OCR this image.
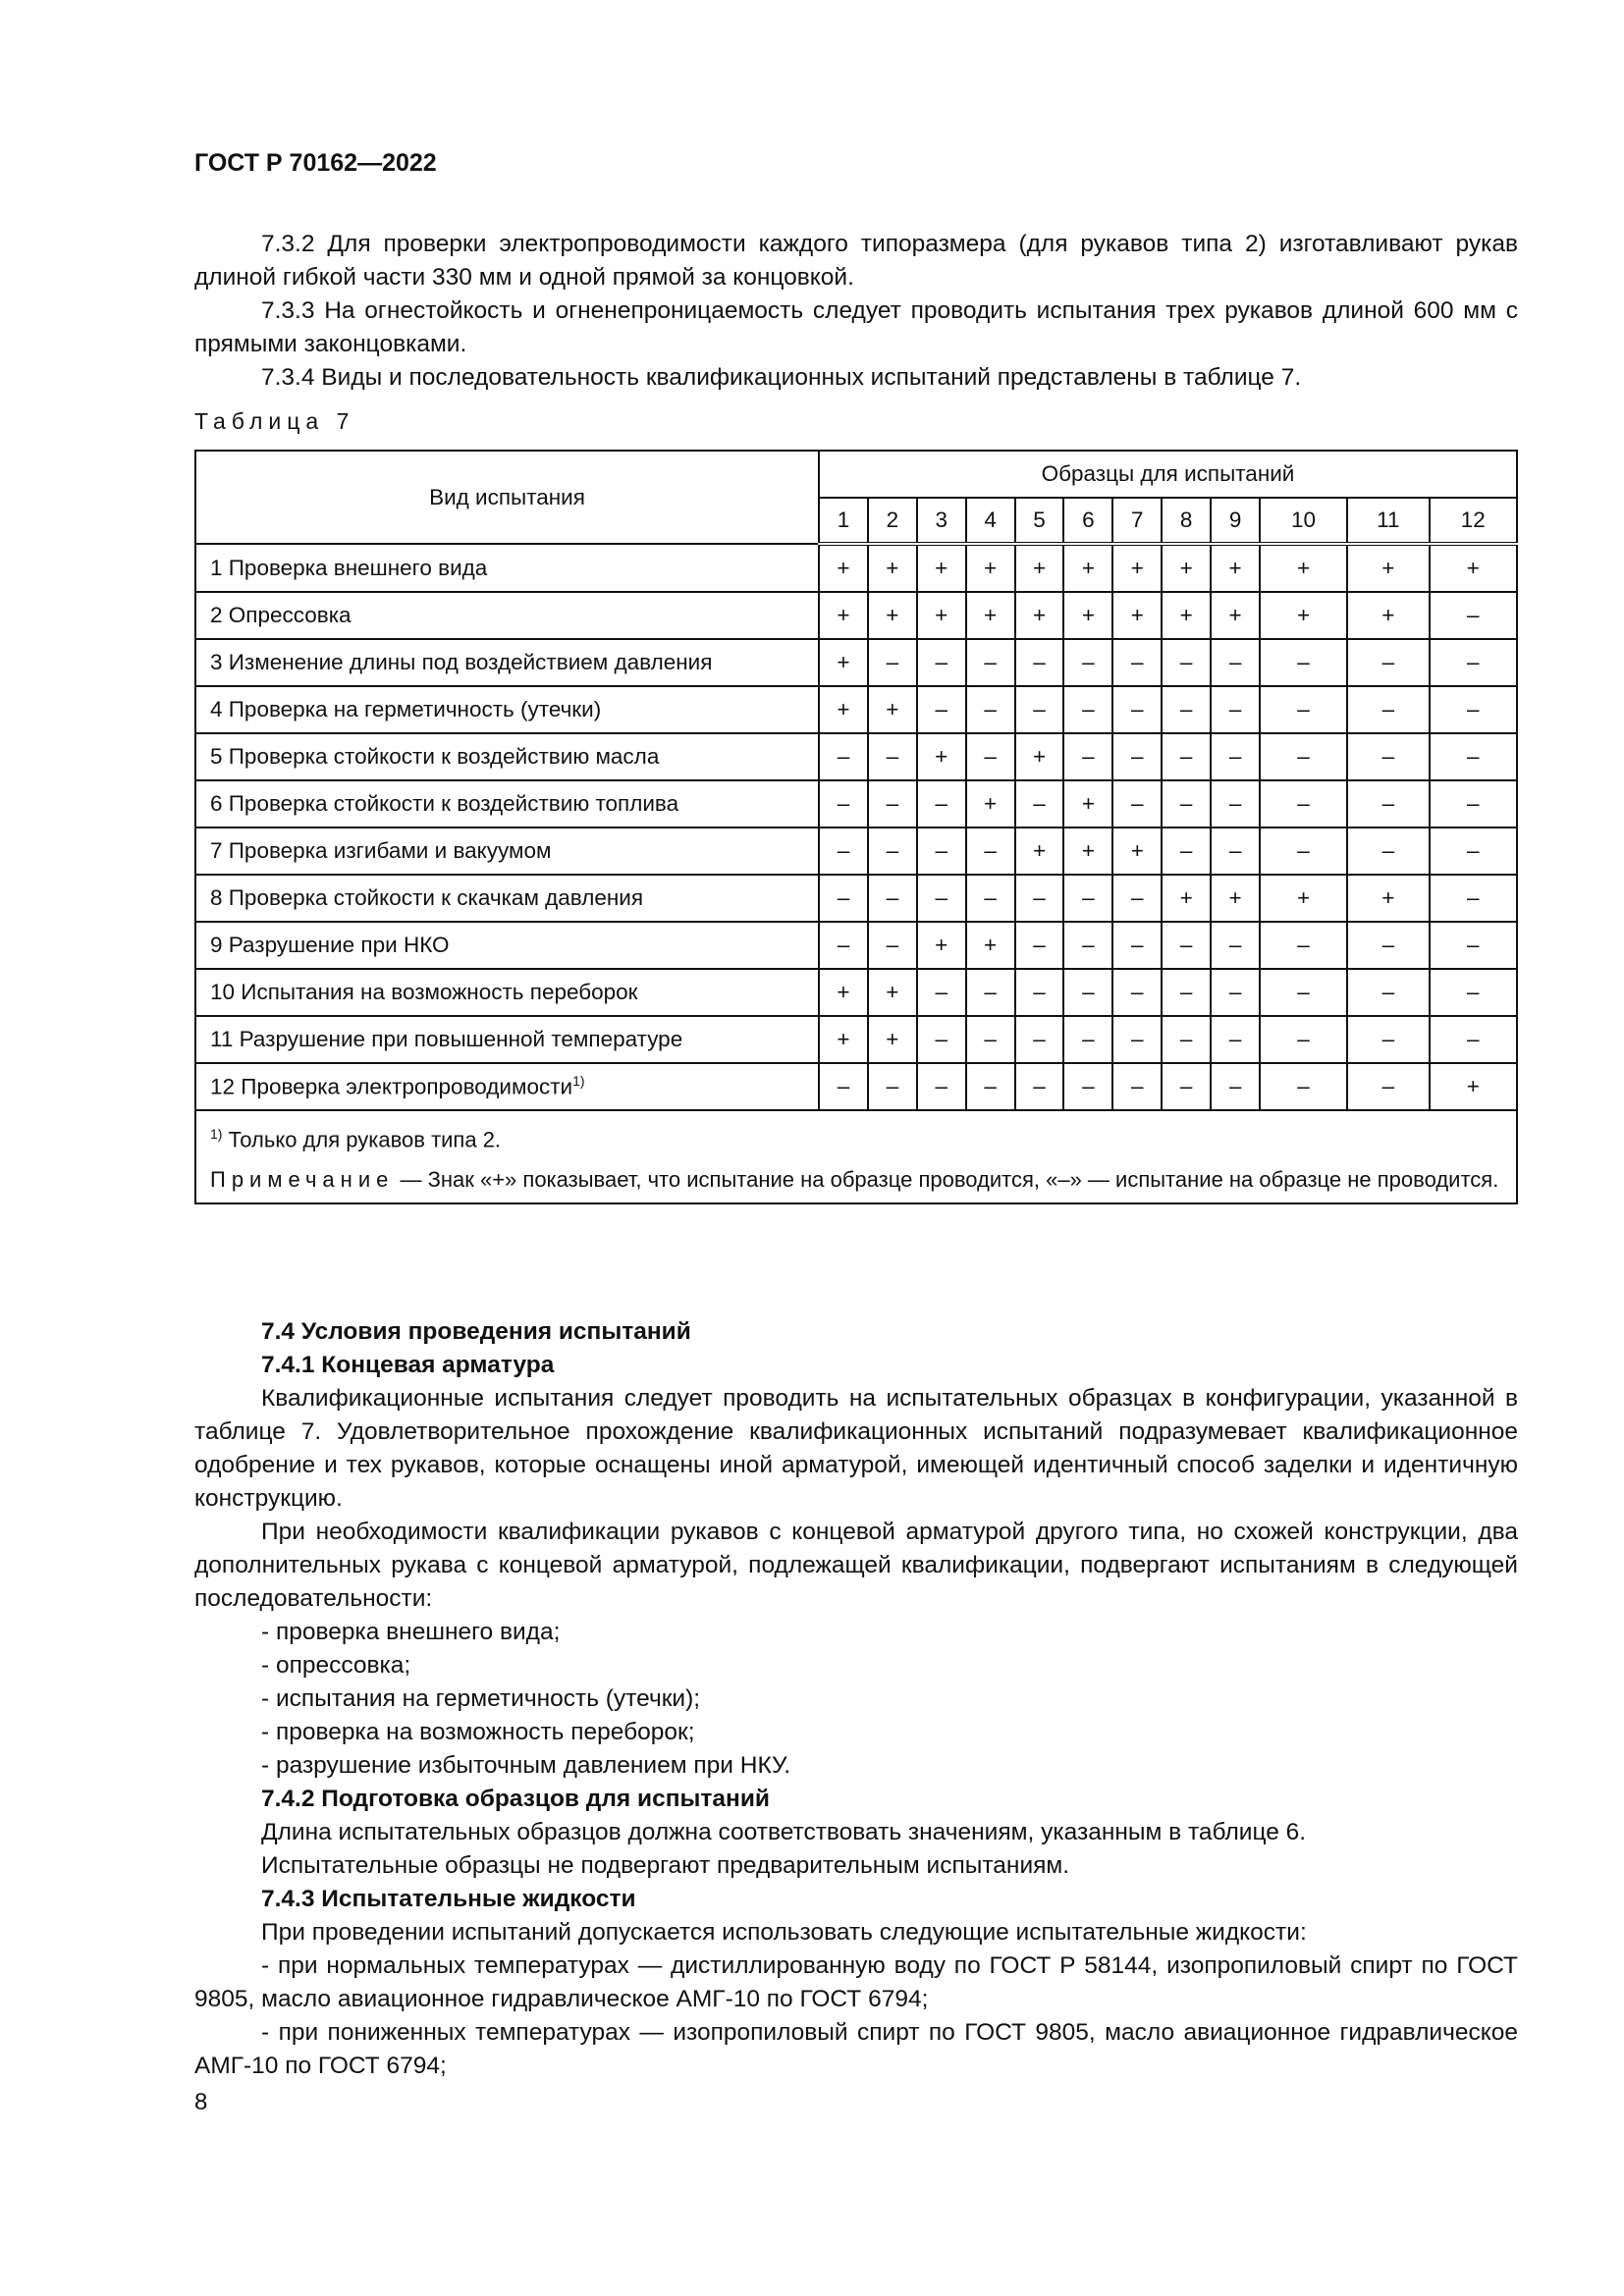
ГОСТ Р 70162—2022

7.3.2 Для проверки электропроводимости каждого типоразмера (для рукавов типа 2) изготавливают рукав длиной гибкой части 330 мм и одной прямой за концовкой.

7.3.3 На огнестойкость и огненепроницаемость следует проводить испытания трех рукавов длиной 600 мм с прямыми законцовками.

7.3.4 Виды и последовательность квалификационных испытаний представлены в таблице 7.

Таблица 7
Вид испытания	Образцы для испытаний											
	1	2	3	4	5	6	7	8	9	10	11	12
1 Проверка внешнего вида	+	+	+	+	+	+	+	+	+	+	+	+
2 Опрессовка	+	+	+	+	+	+	+	+	+	+	+	–
3 Изменение длины под воздействием давления	+	–	–	–	–	–	–	–	–	–	–	–
4 Проверка на герметичность (утечки)	+	+	–	–	–	–	–	–	–	–	–	–
5 Проверка стойкости к воздействию масла	–	–	+	–	+	–	–	–	–	–	–	–
6 Проверка стойкости к воздействию топлива	–	–	–	+	–	+	–	–	–	–	–	–
7 Проверка изгибами и вакуумом	–	–	–	–	+	+	+	–	–	–	–	–
8 Проверка стойкости к скачкам давления	–	–	–	–	–	–	–	+	+	+	+	–
9 Разрушение при НКО	–	–	+	+	–	–	–	–	–	–	–	–
10 Испытания на возможность переборок	+	+	–	–	–	–	–	–	–	–	–	–
11 Разрушение при повышенной температуре	+	+	–	–	–	–	–	–	–	–	–	–
12 Проверка электропроводимости$^{1)}$	–	–	–	–	–	–	–	–	–	–	–	+

$^{1)}$ Только для рукавов типа 2.
Примечание — Знак «+» показывает, что испытание на образце проводится, «–» — испытание на образце не проводится.												
7.4 Условия проведения испытаний
7.4.1 Концевая арматура

Квалификационные испытания следует проводить на испытательных образцах в конфигурации, указанной в таблице 7. Удовлетворительное прохождение квалификационных испытаний подразумевает квалификационное одобрение и тех рукавов, которые оснащены иной арматурой, имеющей идентичный способ заделки и идентичную конструкцию.

При необходимости квалификации рукавов с концевой арматурой другого типа, но схожей конструкции, два дополнительных рукава с концевой арматурой, подлежащей квалификации, подвергают испытаниям в следующей последовательности:

- проверка внешнего вида;
- опрессовка;
- испытания на герметичность (утечки);
- проверка на возможность переборок;
- разрушение избыточным давлением при НКУ.
7.4.2 Подготовка образцов для испытаний

Длина испытательных образцов должна соответствовать значениям, указанным в таблице 6.

Испытательные образцы не подвергают предварительным испытаниям.

7.4.3 Испытательные жидкости

При проведении испытаний допускается использовать следующие испытательные жидкости:

- при нормальных температурах — дистиллированную воду по ГОСТ Р 58144, изопропиловый спирт по ГОСТ 9805, масло авиационное гидравлическое АМГ-10 по ГОСТ 6794;

- при пониженных температурах — изопропиловый спирт по ГОСТ 9805, масло авиационное гидравлическое АМГ-10 по ГОСТ 6794;

8
